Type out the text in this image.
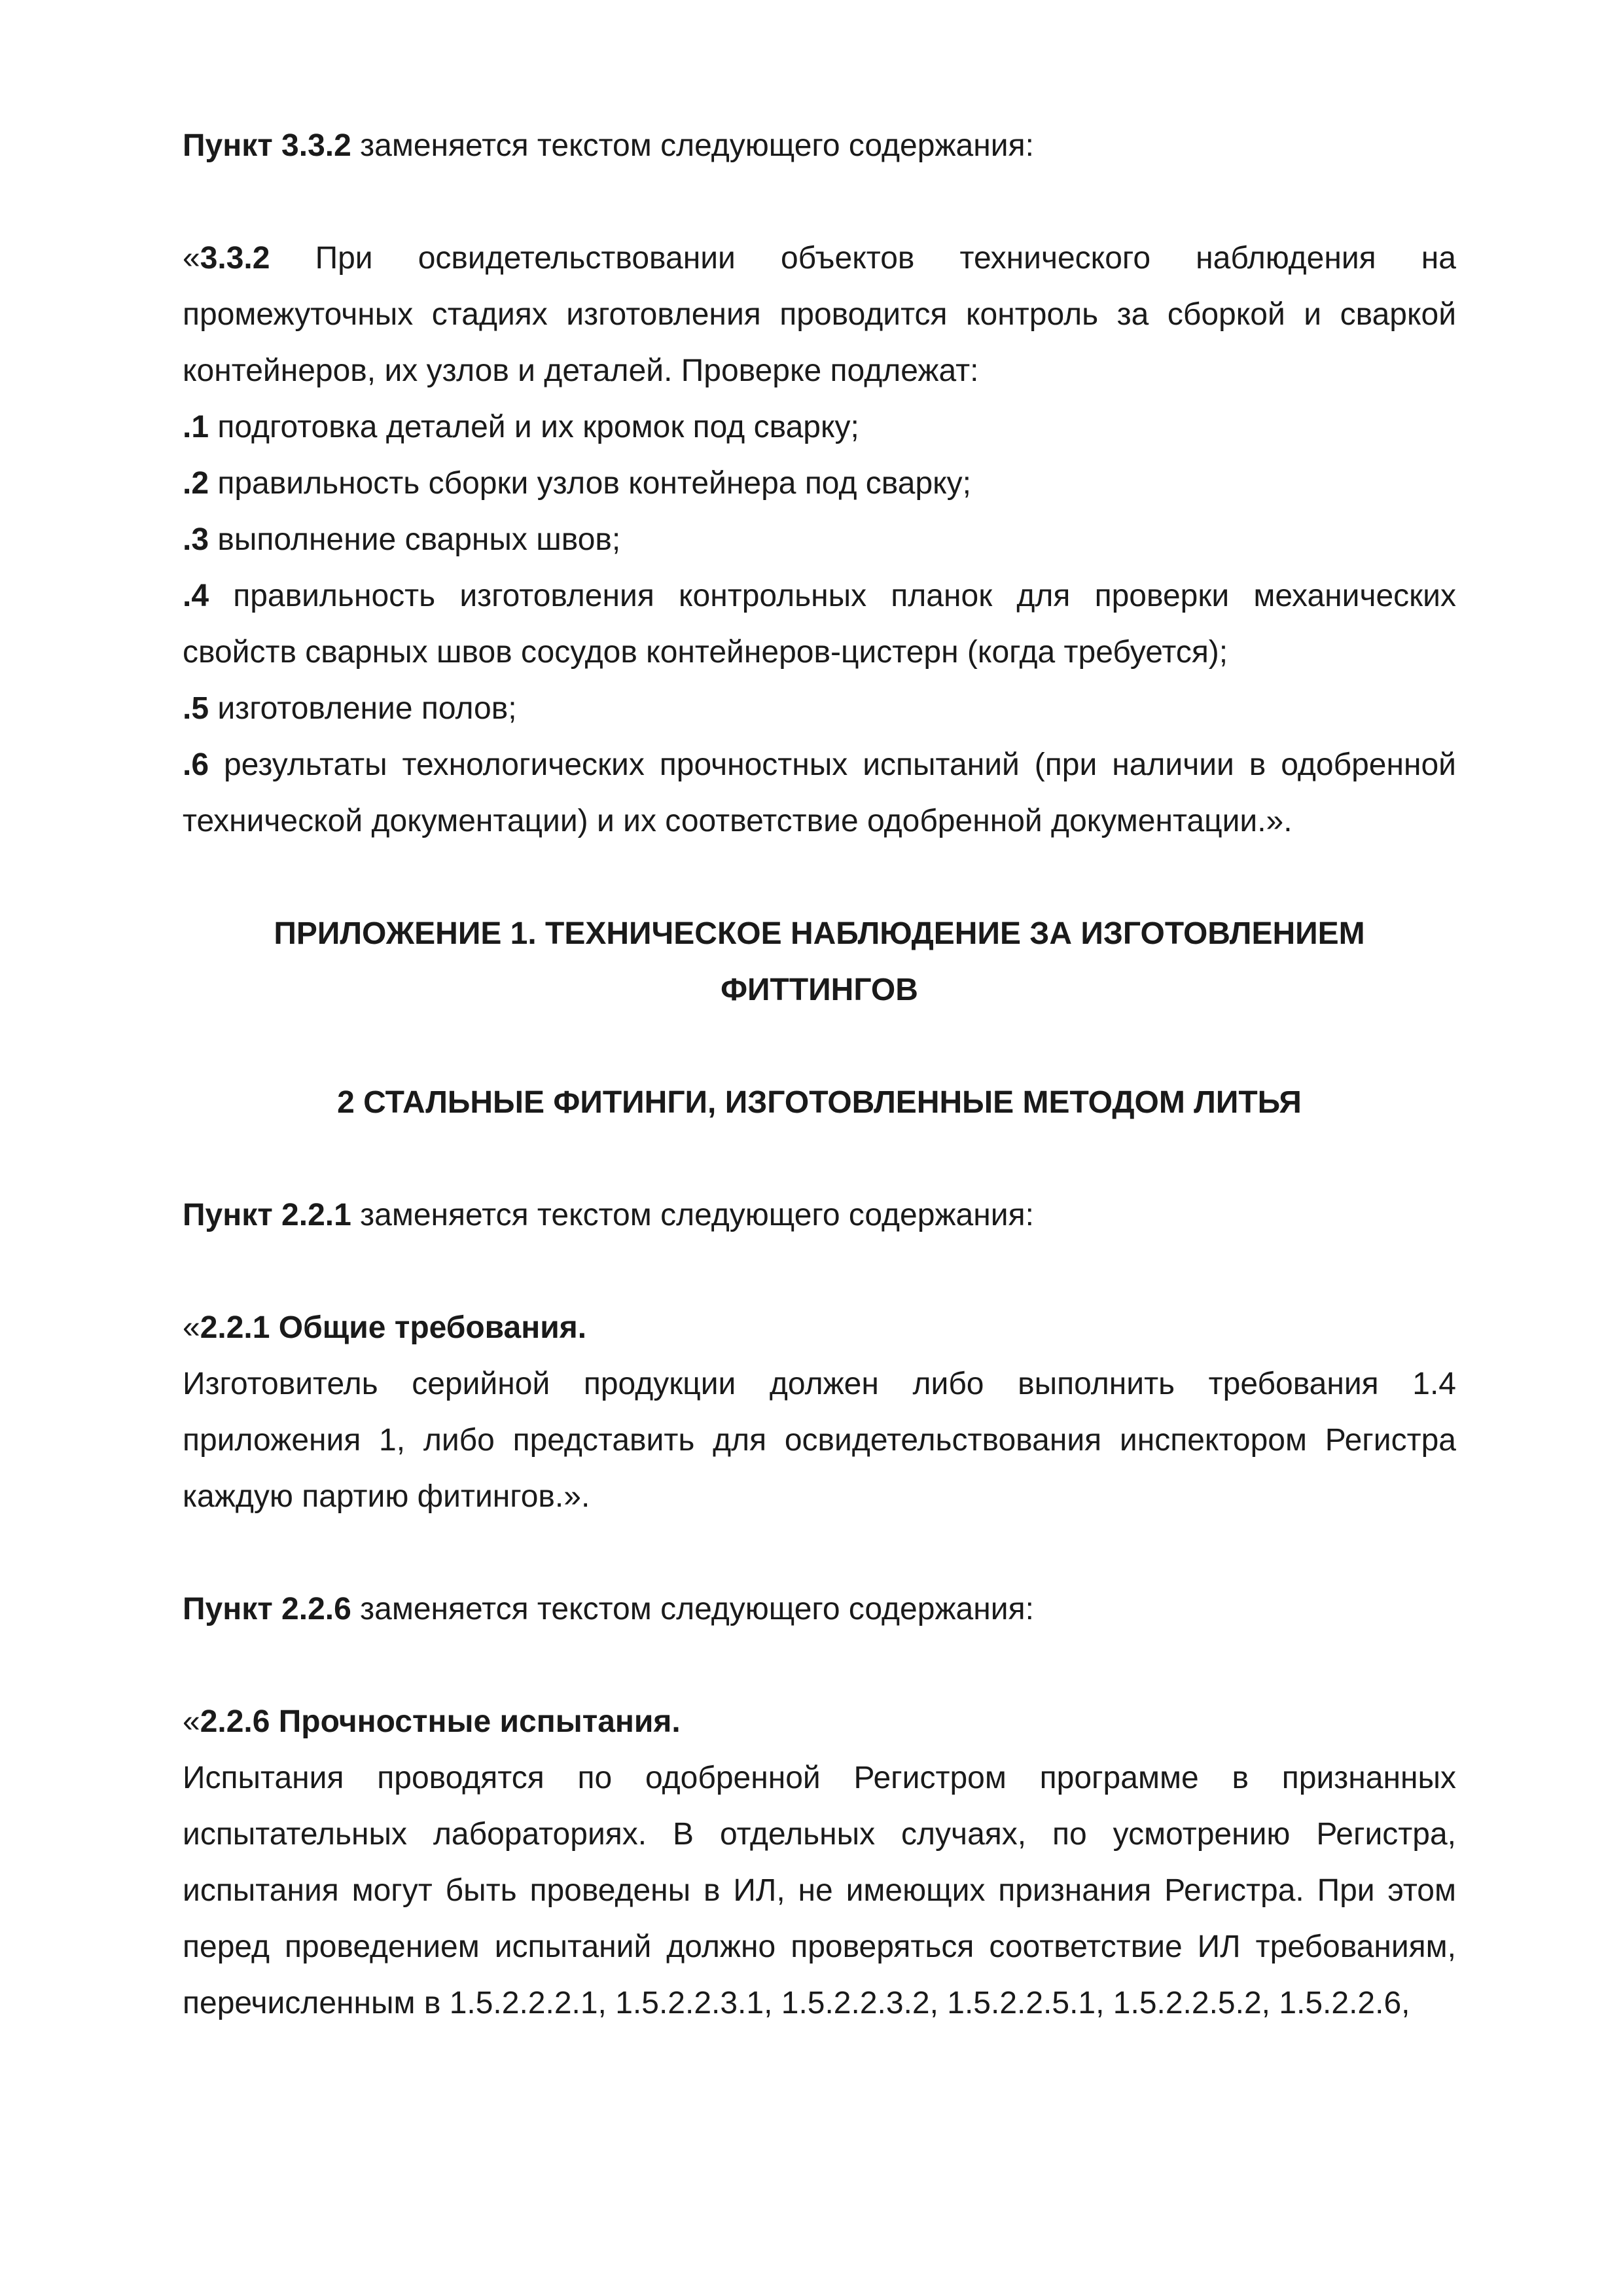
Пункт 3.3.2 заменяется текстом следующего содержания:

«3.3.2 При освидетельствовании объектов технического наблюдения на промежуточных стадиях изготовления проводится контроль за сборкой и сваркой контейнеров, их узлов и деталей. Проверке подлежат:

.1 подготовка деталей и их кромок под сварку;

.2 правильность сборки узлов контейнера под сварку;

.3 выполнение сварных швов;

.4 правильность изготовления контрольных планок для проверки механических свойств сварных швов сосудов контейнеров-цистерн (когда требуется);

.5 изготовление полов;

.6 результаты технологических прочностных испытаний (при наличии в одобренной технической документации) и их соответствие одобренной документации.».

ПРИЛОЖЕНИЕ 1. ТЕХНИЧЕСКОЕ НАБЛЮДЕНИЕ ЗА ИЗГОТОВЛЕНИЕМ

ФИТТИНГОВ

2 СТАЛЬНЫЕ ФИТИНГИ, ИЗГОТОВЛЕННЫЕ МЕТОДОМ ЛИТЬЯ

Пункт 2.2.1 заменяется текстом следующего содержания:

«2.2.1 Общие требования.

Изготовитель серийной продукции должен либо выполнить требования 1.4 приложения 1, либо представить для освидетельствования инспектором Регистра каждую партию фитингов.».

Пункт 2.2.6 заменяется текстом следующего содержания:

«2.2.6 Прочностные испытания.

Испытания проводятся по одобренной Регистром программе в признанных испытательных лабораториях. В отдельных случаях, по усмотрению Регистра, испытания могут быть проведены в ИЛ, не имеющих признания Регистра. При этом перед проведением испытаний должно проверяться соответствие ИЛ требованиям, перечисленным в 1.5.2.2.2.1, 1.5.2.2.3.1, 1.5.2.2.3.2, 1.5.2.2.5.1, 1.5.2.2.5.2, 1.5.2.2.6,
